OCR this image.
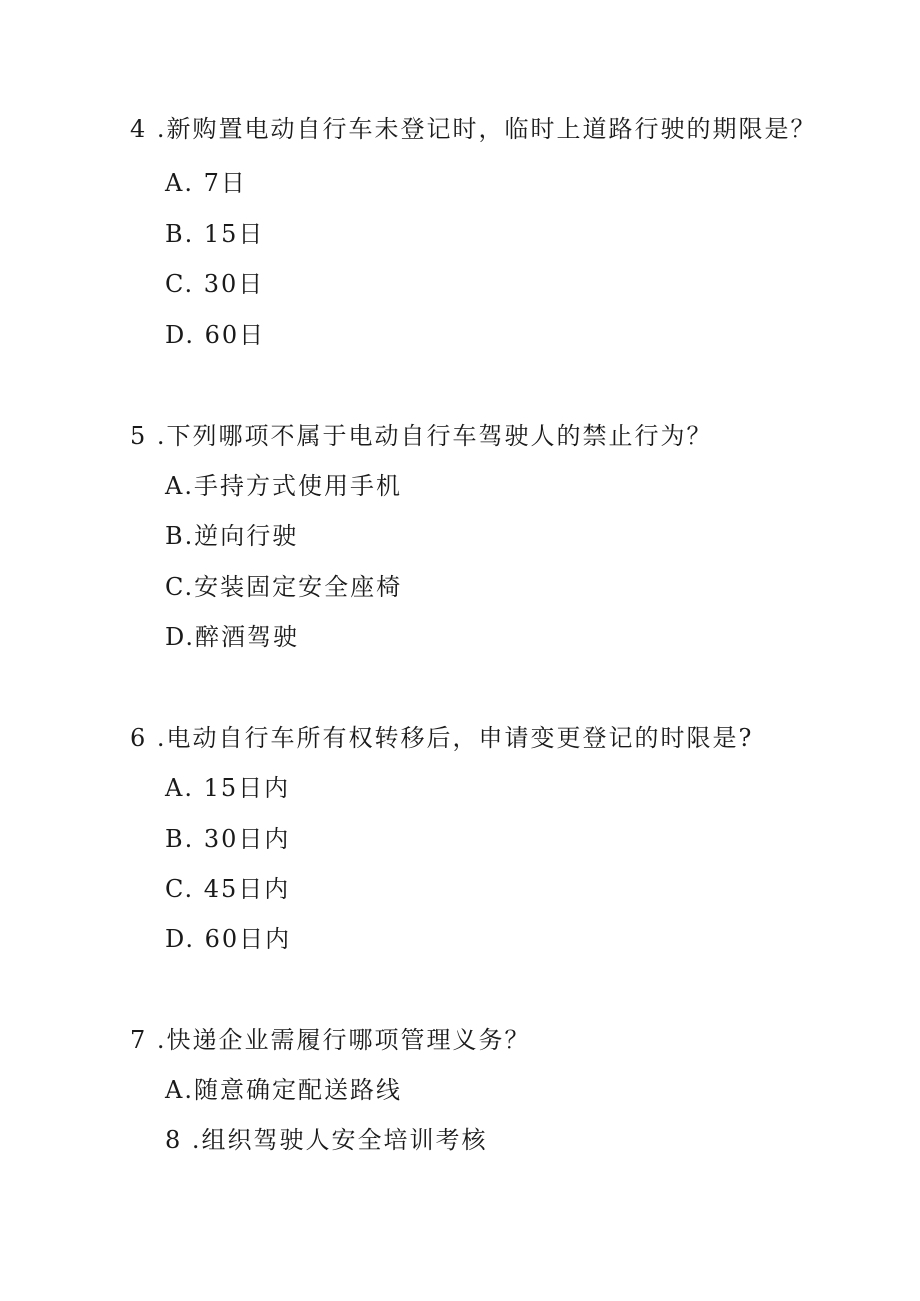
4 .新购置电动自行车未登记时，临时上道路行驶的期限是？
A. 7日
B. 15日
C. 30日
D. 60日
5 .下列哪项不属于电动自行车驾驶人的禁止行为？
A.手持方式使用手机
B.逆向行驶
C.安装固定安全座椅
D.醉酒驾驶
6 .电动自行车所有权转移后，申请变更登记的时限是?
A. 15日内
B. 30日内
C. 45日内
D. 60日内
7 .快递企业需履行哪项管理义务？
A.随意确定配送路线
8 .组织驾驶人安全培训考核
